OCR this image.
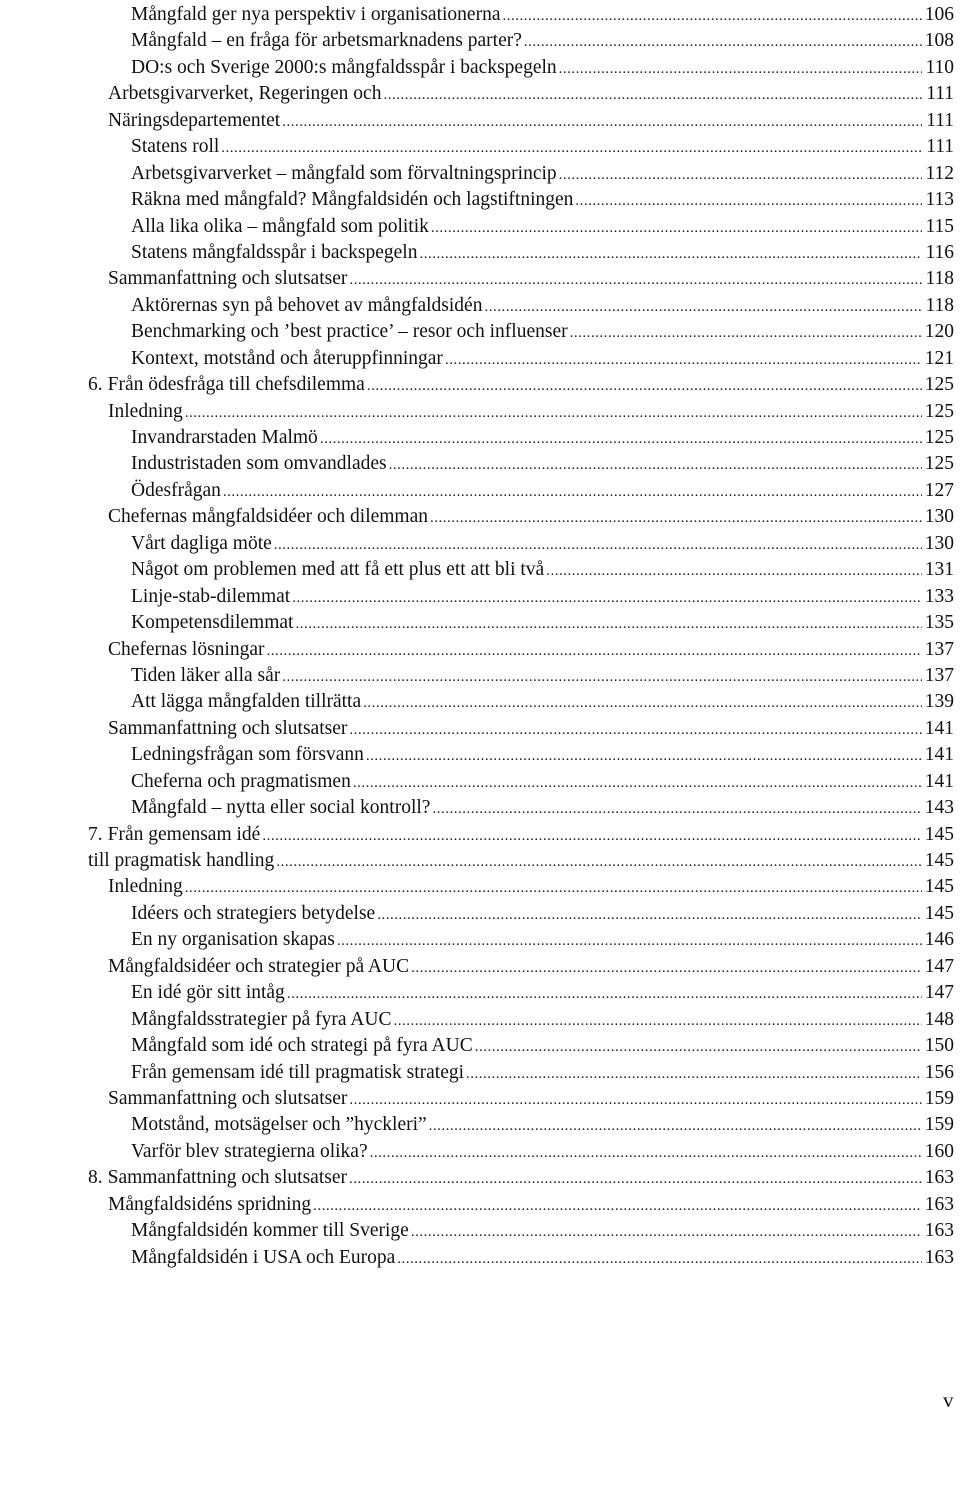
Mångfald ger nya perspektiv i organisationerna .....	106
Mångfald – en fråga för arbetsmarknadens parter? .....	108
DO:s och Sverige 2000:s mångfaldsspår i backspegeln .....	110
Arbetsgivarverket, Regeringen och .....	111
Näringsdepartementet .....	111
Statens roll .....	111
Arbetsgivarverket – mångfald som förvaltningsprincip .....	112
Räkna med mångfald? Mångfaldsidén och lagstiftningen .....	113
Alla lika olika – mångfald som politik .....	115
Statens mångfaldsspår i backspegeln .....	116
Sammanfattning och slutsatser .....	118
Aktörernas syn på behovet av mångfaldsidén .....	118
Benchmarking och ’best practice’ – resor och influenser .....	120
Kontext, motstånd och återuppfinningar .....	121
6. Från ödesfråga till chefsdilemma .....	125
Inledning .....	125
Invandrarstaden Malmö .....	125
Industristaden som omvandlades .....	125
Ödesfrågan .....	127
Chefernas mångfaldsidéer och dilemman .....	130
Vårt dagliga möte .....	130
Något om problemen med att få ett plus ett att bli två .....	131
Linje-stab-dilemmat .....	133
Kompetensdilemmat .....	135
Chefernas lösningar .....	137
Tiden läker alla sår .....	137
Att lägga mångfalden tillrätta .....	139
Sammanfattning och slutsatser .....	141
Ledningsfrågan som försvann .....	141
Cheferna och pragmatismen .....	141
Mångfald – nytta eller social kontroll? .....	143
7. Från gemensam idé .....	145
till pragmatisk handling .....	145
Inledning .....	145
Idéers och strategiers betydelse .....	145
En ny organisation skapas .....	146
Mångfaldsidéer och strategier på AUC .....	147
En idé gör sitt intåg .....	147
Mångfaldsstrategier på fyra AUC .....	148
Mångfald som idé och strategi på fyra AUC .....	150
Från gemensam idé till pragmatisk strategi .....	156
Sammanfattning och slutsatser .....	159
Motstånd, motsägelser och ”hyckleri” .....	159
Varför blev strategierna olika? .....	160
8. Sammanfattning och slutsatser .....	163
Mångfaldsidéns spridning .....	163
Mångfaldsidén kommer till Sverige .....	163
Mångfaldsidén i USA och Europa .....	163
v
